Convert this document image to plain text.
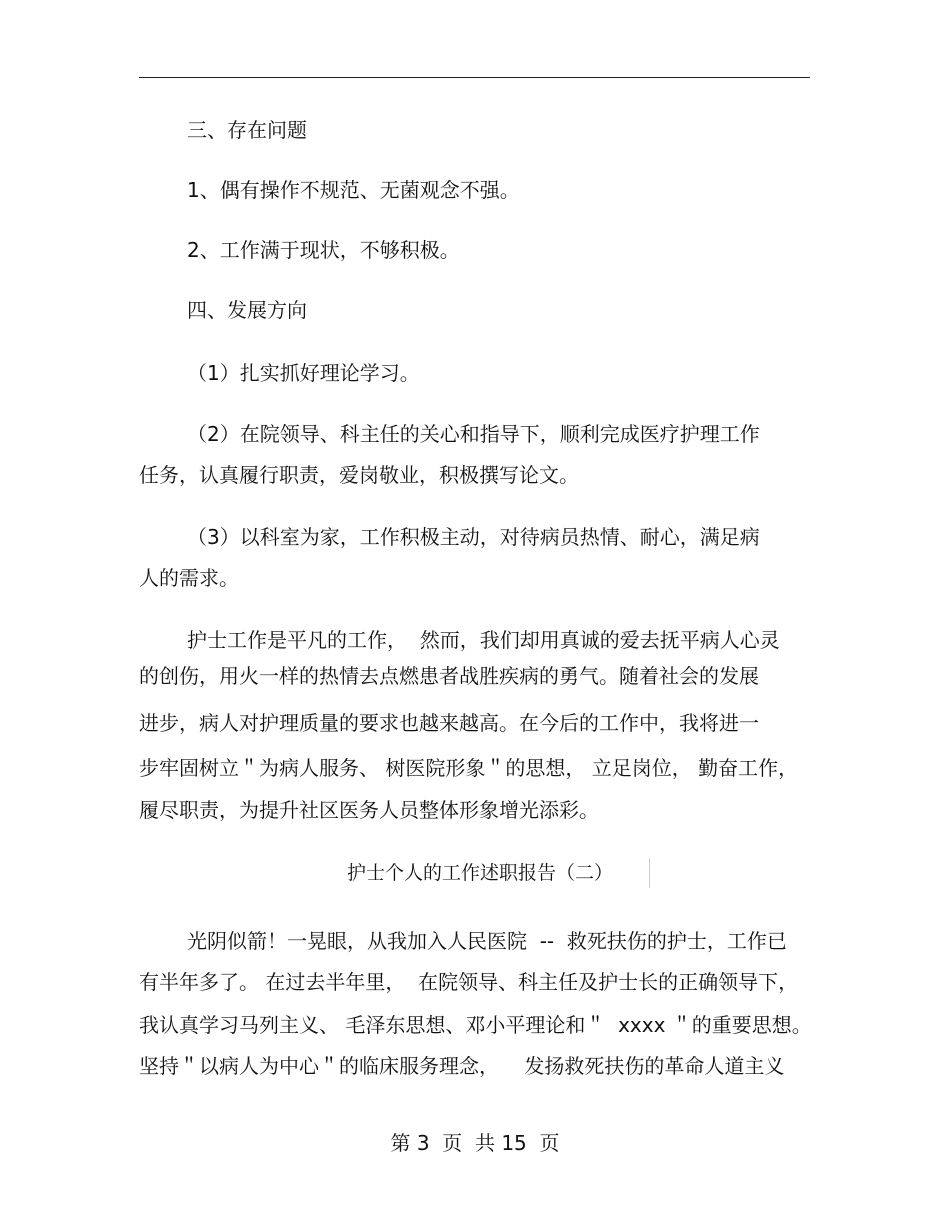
三、存在问题
1、偶有操作不规范、无菌观念不强。
2、工作满于现状，不够积极。
四、发展方向
（1）扎实抓好理论学习。
（2）在院领导、科主任的关心和指导下，顺利完成医疗护理工作
任务，认真履行职责，爱岗敬业，积极撰写论文。
（3）以科室为家，工作积极主动，对待病员热情、耐心，满足病
人的需求。
护士工作是平凡的工作，  然而，我们却用真诚的爱去抚平病人心灵
的创伤，用火一样的热情去点燃患者战胜疾病的勇气。随着社会的发展
进步，病人对护理质量的要求也越来越高。在今后的工作中，我将进一
步牢固树立＂为病人服务、 树医院形象＂的思想， 立足岗位， 勤奋工作，
履尽职责，为提升社区医务人员整体形象增光添彩。
护士个人的工作述职报告（二）
光阴似箭！一晃眼，从我加入人民医院  --  救死扶伤的护士，工作已
有半年多了。 在过去半年里，  在院领导、科主任及护士长的正确领导下，
我认真学习马列主义、 毛泽东思想、邓小平理论和＂  xxxx ＂的重要思想。
坚持＂以病人为中心＂的临床服务理念，    发扬救死扶伤的革命人道主义
第 3  页  共 15  页
